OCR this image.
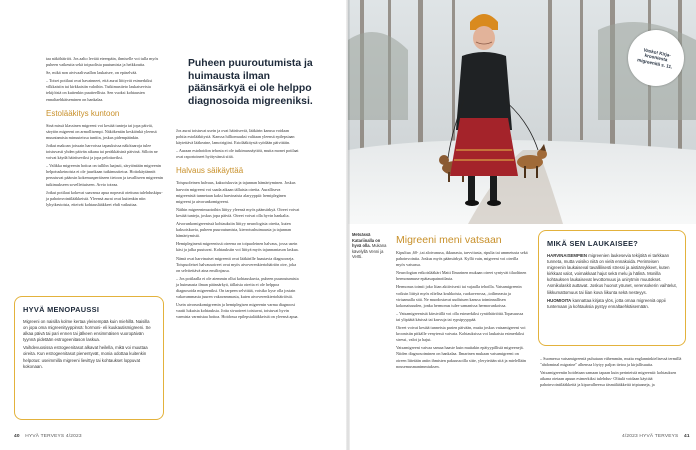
taa näköhäiriöt. Jos aalto leviää eteenpäin, ihmiselle voi tulla myös puheen vaikeutta sekä toipuolista puutumista ja heikkoutta.

Se, mikä non aivivaalivuallon laukaisee, on epäselvää.

– Toiset potilaat ovat havainneet, että aurat liittyvät esimerkiksi vilkkaisiin tai kirkkaisiin valoihin. Tutkimustieto laukaisevista tekijöistä on kuitenkin puutteellista. Sen vuoksi kohtausten ennaltaehkäiseminen on hankalaa.

Estolääkitys kuntoon

Sinä missä klassinen migreeni voi kestää tunteja tai jopa päiviä, särytön migreeni on armollisempi. Näkökentän keskiönkä yleensä muuntamisia minuuteissa tuntiin, joskus pidempäänkin.

Jotkut makoan joissain harvoissa tapauksissa näkötaaroja tulee toistuvasti yhden päivän aikana tai peräkkäisinä päivinä. Silloin ne voivat käydä häiritseviksi ja jopa pelottaviksi.

– Valikka migreenin hoitoa on tullihn laajasti, särytöntään migreenin helpotuskeinoista ei ole juurikaan tutkimustietoa. Hoitokäytännöt perustuvat pääosin kokemusperäiseen tietoon ja tavalliseen migreenin tutkimukseen sovellettuiseen. Arvio toteaa.

Jotkut potilaat kokevat saavansa apua nopeasti otettuna tulehduskipu- ja pahoinvointilääkkeistä. Yleensä aurat ovat kuitenkin niin lyhytkestoisia, etteivät kohtauslääkkeet ehdi vaikuttaa.

HYVÄ MENOPAUSSI

Migreeni on naisilla kolme kertaa yleisempää kuin miehillä. Naisilla on jopa oma migreenityyppinsä: hormoni- eli kuukautismigreeni. Se alkaa päivä tai pari ennen tai jälkeen ensimmäisen vuoropäivän tyynnä pidetään estrogeenitason laskua.

Vaihdevuosissa estrogeenitasot alkavat heilella, mikä voi muuttaa oireita. Kun estrogeenitasot pienentyvät, monia odottaa kuitenkin helpotus: useimmilla migreeni lievittyy tai kohtaukset loppuvat kokonaan.

Puheen puuroutumista ja huimausta ilman päänsärkyä ei ole helppo diagnosoida migreeniksi.

Jos aurat toistuvat usein ja ovat häiritseviä, lääkärin kanssa voidaan pohtia estolääkitystä. Kanssa hilliomuuksi valitaan yleensä epilepsiaan käytettävä lääkeaine, lamotrigiini. Estolääkitystä syödään päivittäin.

– Auraan estohoidon tehosta ei ole tutkimusnäyttöä, mutta monet potilaat ovat raportoineet hyötyvänsä siitä.

Halvaus säikäyttää

Toispuoleinen halvaus, kaksoiskuvia ja tajunnan hämärtyminen. Joskus harvoin migreeni voi saada aikaan tällaisia oireita. Auralliseva migreenistä tunnetaan kaksi harvinaista alaryyppiä: hemipleginen migreeni ja aivorunkomigreeni.

Näihin migreenimuotoihin liittyy yleensä myös päänsärkyä. Oireet voivat kestää tunteja, joskus jopa päiviä. Oireet voivat olla hyvin hankalia.

Aivorunkomigreenissä kohtauksiin liittyy neurologisia oireita, kuten kaksoiskuvia, puheen puuroutumista, kierrotushuimausta ja tajunnan hämärtymistä.

Hemipleginenä migreenissä oireena on toipuoleinen halvaus, jossa usein käsi ja jalka puutuvat. Kohtauksiin voi liittyä myös tajunnantason laskua.

Nämä ovat harvinaiset migreenit ovat lääkärille haastavia diagnooseja. Toispuoleiset halvausoireet ovat myös aivoverenkiertohäiriön oire, joka on selvitettävä aina ensilinjassa.

– Jos potilaalla ei ole aiemmin ollut kohtauskuvia, puheen puuroutumista ja huimausta ilman päänsärkyä, tällaisia oireita ei ole helppoa diagnosoida migreeniksi. On tarpeen selvittää, voisiko kyse olla jostain vakavammasta juuren vakavammasta, kuten aivoverenkiertohäiriöstä.

Usein aivorunkomigreenin ja hemiplegisen migreenin varma diagnoosi vaatii lukuisia kohtauksia. Jotta sivuoireet toistuvat, toistuvat hyvin varmista varmistaa hoitoa. Hoidossa epilepsialääkkeistä on yleensä apua.

40 HYVÄ TERVEYS 4/2023
Vasko! Kirja-krooniesta migreenitä s. 11.
Metsässä Katariinalla on hyvä olla. Mukana kävelyllä Venni ja Vertti.
Migreeni meni vatsaan

Kipultua ,60- ,tai aloivanusa, ikkunasta, tarvvitusta, ripulia tai ummetusta sekä pahoinvointia. Joskus myös päänsärkyä. Kyllä vain, migreeni voi oireilla myös vatsassa.

Neurologian erikoislääkäri Matti Ilmarinen mukaan oireet syntyvät tilaoltinen hermonamuse epätasapainotilasta.

Hermonus toimii joko liian aktiivisesti tai vajaalla tehoilla. Vatsamigreenin voiksin liittyä myös nlielisa kruhkoista, ruokaverossa, ,toilimeasta ja virtaamalla sitä. Ne muodostavat uudistuen kanssa toiminnallisen kokonaisuuden, jonka hermonus tulee samanissa hermorunkoissa.

– Vatsamigreenistä kärsivällä voi olla esimerkiksi ryntöhäiriöitä.Topasuussa tai ylipäätä käsissä tai kasvuja tai rypsipyyppää.

Oireet voivat kestää tunneista parien päivään, mutta joskus vatsamigreeni voi kroonisiin pitkälle venytessä vaivata. Kohtauksissa voi laukaista esimerkiksi stressi, valot ja hajut.

Vatsamigreeni vaivaa samaa haaste kuin muitakin epätyypillisiä migreenejä. Niiden diagnosoiminen on hankalaa. Ilmarinen mukaan vatsamigreeni on oireen liitetään aniin ihmisten pakuussoilla sitte, ylerytetään sitä ja mielellään nousemusmanimmiuksen.

– Suomessa vatsamigreeniä puhutaan vähemmän, mutta englanninkielisessä termillä "abdominal migraine" alhenssa löytyy paljon tietoa ja kirjallisuutta.

Vatsamigreeniin hoidetaan samaan tapaan kuin perinteistä migreeniä: kohtauksen aikana otetaan apuun esimerkiksi tulehdus- Olitulä voidaan käyttää pahoinvointilääkkeitä ja kipuvalheessa täsmälääkkeitä triptaaneja, ja

MIKÄ SEN LAUKAISEE?

HARVINAISEMPIEN migreenien laukesevia tekijöitä ei tarkkaan tunneta, mutta voisiko niitä on vielä ennakoida. Perinteisen migreenin laukaiseval tavallilisesti stressi ja aistiärsykkeet, kuten kirkkaat valot, voimakkaat hajut sekä melu ja hälinä. Monilla kohtauksen laukaisevat levottomuus ja unirytmin muutokset. Asmikolaskit auttavat. Joskus huonot yöunet, verensokerin vaihtelut, liikkumattomuus tai liian kova liikunta sekä nesteyys.

HUOMIOITA kannattaa kirjata ylös, jotta omaa migreeniä oppii tuntemaan ja kohtauksia pystyy ennaltaehkäisemään.

4/2023 HYVÄ TERVEYS 41
